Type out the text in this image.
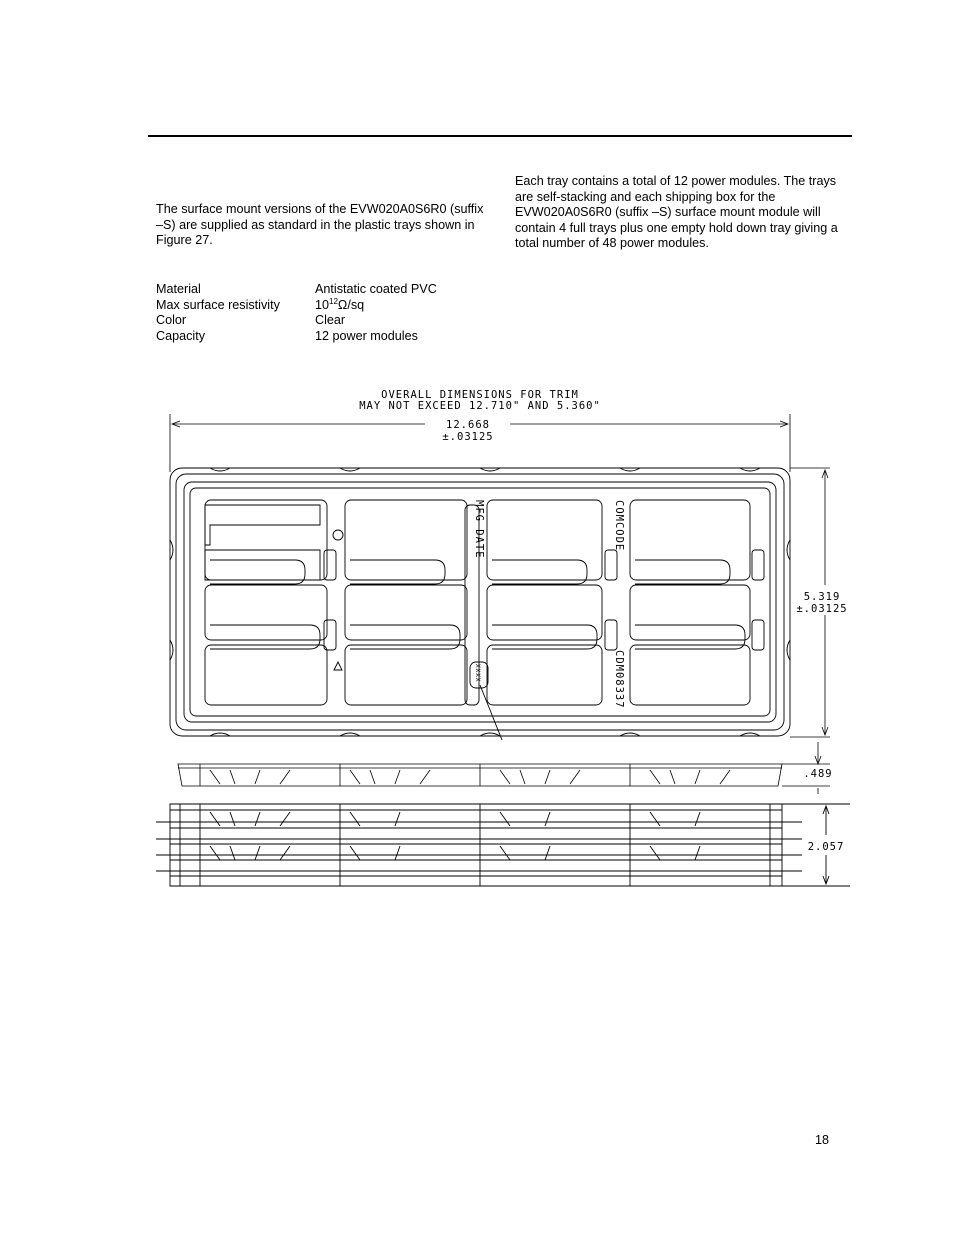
The surface mount versions of the EVW020A0S6R0 (suffix –S) are supplied as standard in the plastic trays shown in Figure 27.

Each tray contains a total of 12 power modules. The trays are self-stacking and each shipping box for the EVW020A0S6R0 (suffix –S) surface mount module will contain 4 full trays plus one empty hold down tray giving a total number of 48 power modules.

Material	Antistatic coated PVC
Max surface resistivity	$10^{12}\Omega/sq$
Color	Clear
Capacity	12 power modules
OVERALL DIMENSIONS FOR TRIM
MAY NOT EXCEED 12.710" AND 5.360"
12.668
±.03125
5.319
±.03125
MFG DATE	COMCODE
CDM08337
XXXX
.489
2.057
18
